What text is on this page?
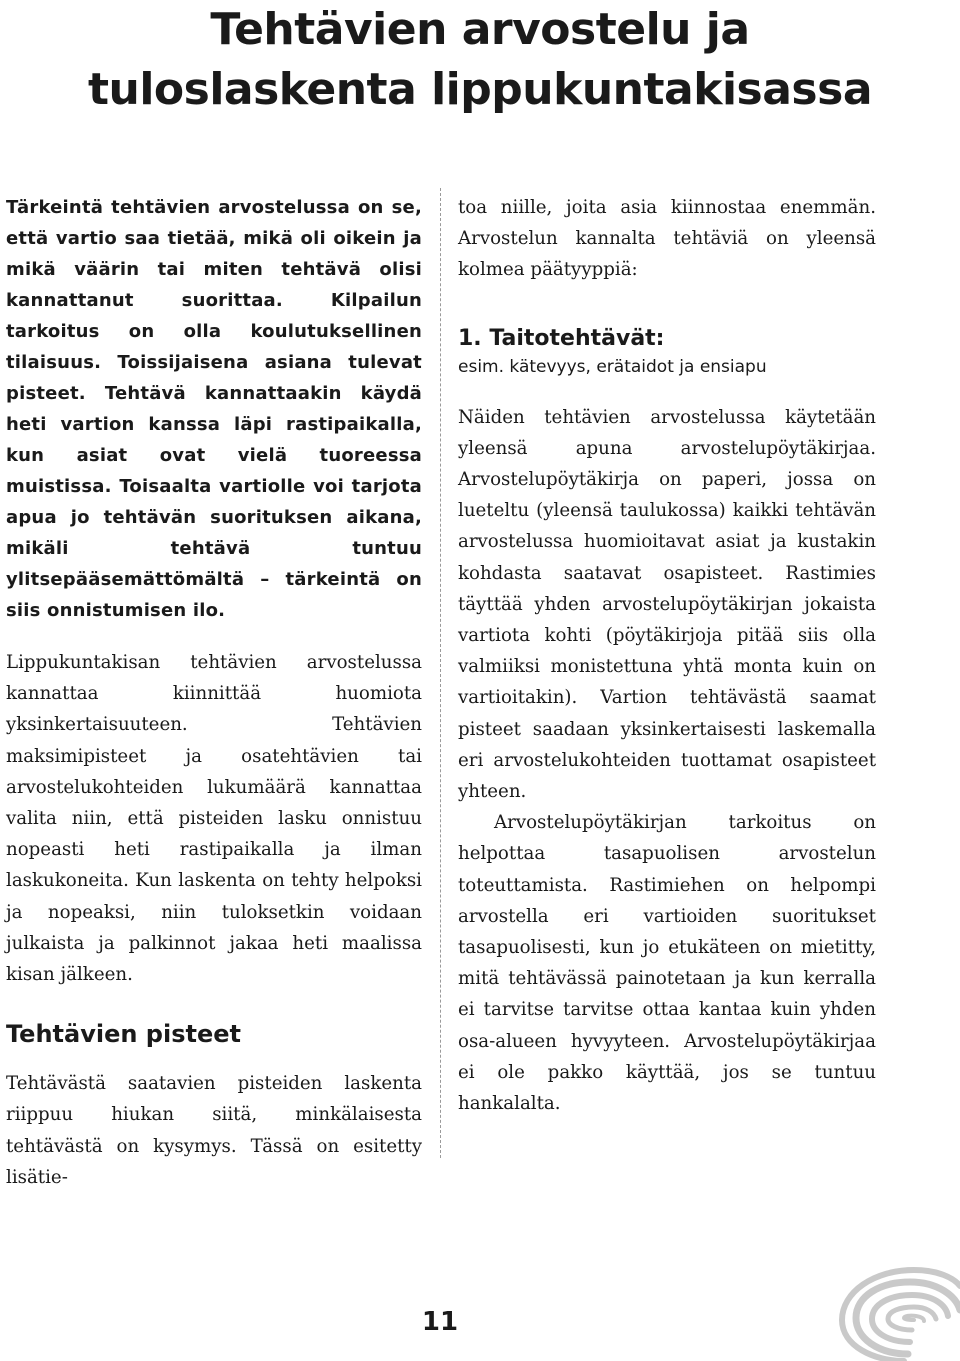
Tehtävien arvostelu ja
tuloslaskenta lippukuntakisassa

Tärkeintä tehtävien arvostelussa on se, että vartio saa tietää, mikä oli oikein ja mikä väärin tai miten tehtävä olisi kannattanut suorittaa. Kilpailun tarkoitus on olla koulutuksellinen tilaisuus. Toissijaisena asiana tulevat pisteet. Tehtävä kannattaakin käydä heti vartion kanssa läpi rastipaikalla, kun asiat ovat vielä tuoreessa muistissa. Toisaalta vartiolle voi tarjota apua jo tehtävän suorituksen aikana, mikäli tehtävä tuntuu ylitsepääsemättömältä – tärkeintä on siis onnistumisen ilo.

Lippukuntakisan tehtävien arvostelussa kannattaa kiinnittää huomiota yksinkertaisuuteen. Tehtävien maksimipisteet ja osatehtävien tai arvostelukohteiden lukumäärä kannattaa valita niin, että pisteiden lasku onnistuu nopeasti heti rastipaikalla ja ilman laskukoneita. Kun laskenta on tehty helpoksi ja nopeaksi, niin tuloksetkin voidaan julkaista ja palkinnot jakaa heti maalissa kisan jälkeen.

Tehtävien pisteet

Tehtävästä saatavien pisteiden laskenta riippuu hiukan siitä, minkälaisesta tehtävästä on kysymys. Tässä on esitetty lisätie-

toa niille, joita asia kiinnostaa enemmän. Arvostelun kannalta tehtäviä on yleensä kolmea päätyyppiä:

1. Taitotehtävät:

esim. kätevyys, erätaidot ja ensiapu

Näiden tehtävien arvostelussa käytetään yleensä apuna arvostelupöytäkirjaa. Arvostelupöytäkirja on paperi, jossa on lueteltu (yleensä taulukossa) kaikki tehtävän arvostelussa huomioitavat asiat ja kustakin kohdasta saatavat osapisteet. Rastimies täyttää yhden arvostelupöytäkirjan jokaista vartiota kohti (pöytäkirjoja pitää siis olla valmiiksi monistettuna yhtä monta kuin on vartioitakin). Vartion tehtävästä saamat pisteet saadaan yksinkertaisesti laskemalla eri arvostelukohteiden tuottamat osapisteet yhteen.

Arvostelupöytäkirjan tarkoitus on helpottaa tasapuolisen arvostelun toteuttamista. Rastimiehen on helpompi arvostella eri vartioiden suoritukset tasapuolisesti, kun jo etukäteen on mietitty, mitä tehtävässä painotetaan ja kun kerralla ei tarvitse tarvitse ottaa kantaa kuin yhden osa-alueen hyvyyteen. Arvostelupöytäkirjaa ei ole pakko käyttää, jos se tuntuu hankalalta.

11
